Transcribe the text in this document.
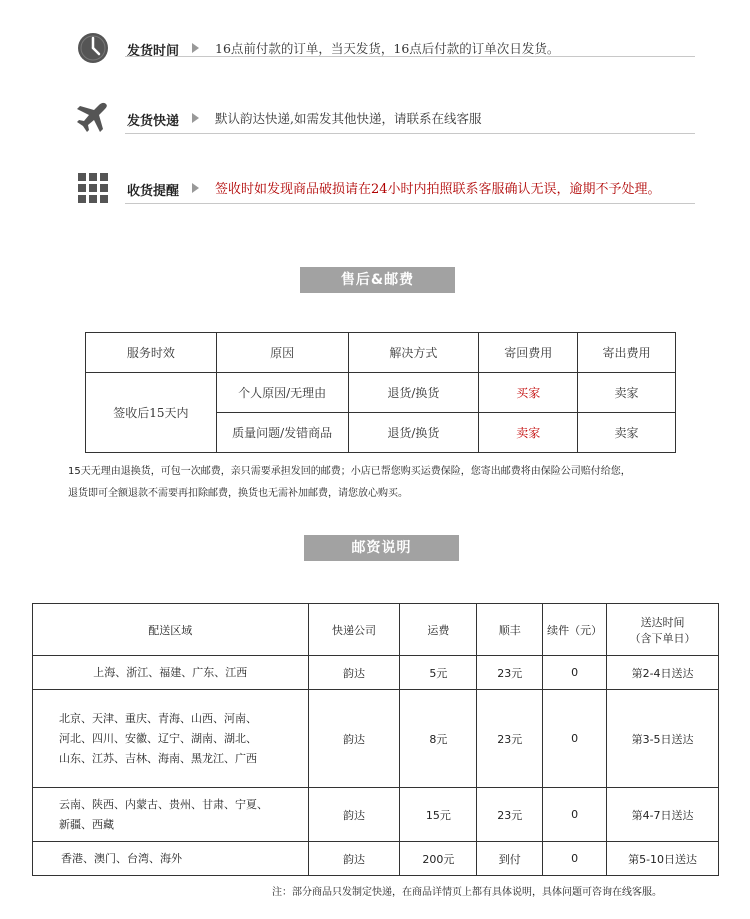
发货时间	16点前付款的订单，当天发货，16点后付款的订单次日发货。
发货快递	默认韵达快递,如需发其他快递，请联系在线客服
收货提醒	签收时如发现商品破损请在24小时内拍照联系客服确认无误，逾期不予处理。
售后&邮费
服务时效	原因	解决方式	寄回费用	寄出费用
签收后15天内	个人原因/无理由	退货/换货	买家	卖家
	质量问题/发错商品	退货/换货	卖家	卖家
15天无理由退换货，可包一次邮费，亲只需要承担发回的邮费；小店已帮您购买运费保险，您寄出邮费将由保险公司赔付给您，
退货即可全额退款不需要再扣除邮费，换货也无需补加邮费，请您放心购买。
邮资说明
配送区域	快递公司	运费	顺丰	续件（元）	送达时间
（含下单日）

上海、浙江、福建、广东、江西	韵达	5元	23元	0	第2-4日送达

北京、天津、重庆、青海、山西、河南、
河北、四川、安徽、辽宁、湖南、湖北、
山东、江苏、吉林、海南、黑龙江、广西	韵达	8元	23元	0	第3-5日送达

云南、陕西、内蒙古、贵州、甘肃、宁夏、
新疆、西藏	韵达	15元	23元	0	第4-7日送达

香港、澳门、台湾、海外	韵达	200元	到付	0	第5-10日送达
注：部分商品只发制定快递，在商品详情页上都有具体说明，具体问题可咨询在线客服。
